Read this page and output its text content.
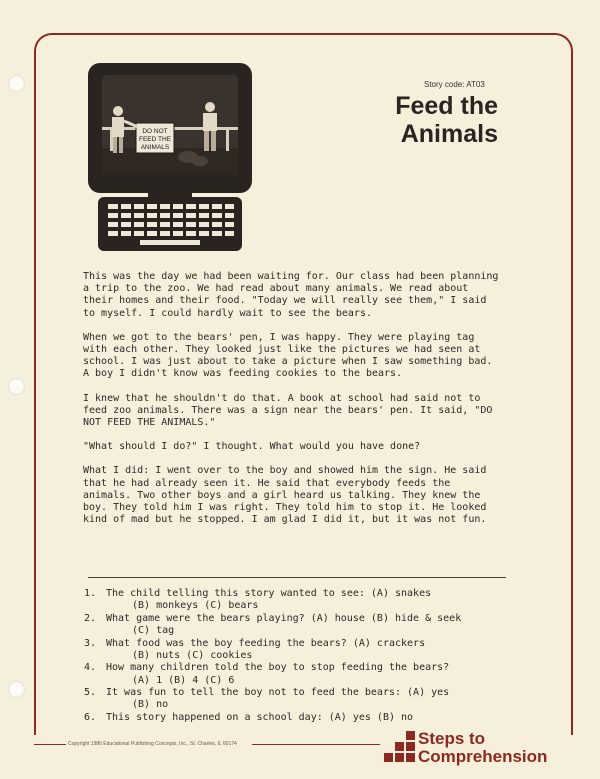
Story code: AT03
Feed the
Animals
DO NOT
FEED THE
ANIMALS

This was the day we had been waiting for. Our class had been planning a trip to the zoo. We had read about many animals. We read about their homes and their food. "Today we will really see them," I said to myself. I could hardly wait to see the bears.

When we got to the bears' pen, I was happy. They were playing tag with each other. They looked just like the pictures we had seen at school. I was just about to take a picture when I saw something bad. A boy I didn't know was feeding cookies to the bears.

I knew that he shouldn't do that. A book at school had said not to feed zoo animals. There was a sign near the bears' pen. It said, "DO NOT FEED THE ANIMALS."

"What should I do?" I thought. What would you have done?

What I did: I went over to the boy and showed him the sign. He said that he had already seen it. He said that everybody feeds the animals. Two other boys and a girl heard us talking. They knew the boy. They told him I was right. They told him to stop it. He looked kind of mad but he stopped. I am glad I did it, but it was not fun.

1. The child telling this story wanted to see: (A) snakes
(B) monkeys (C) bears
2. What game were the bears playing? (A) house (B) hide & seek
(C) tag
3. What food was the boy feeding the bears? (A) crackers
(B) nuts (C) cookies
4. How many children told the boy to stop feeding the bears?
(A) 1 (B) 4 (C) 6
5. It was fun to tell the boy not to feed the bears: (A) yes
(B) no
6. This story happened on a school day: (A) yes (B) no
Copyright 1986 Educational Publishing Concepts, Inc., St. Charles, IL 60174	Steps to
Comprehension
